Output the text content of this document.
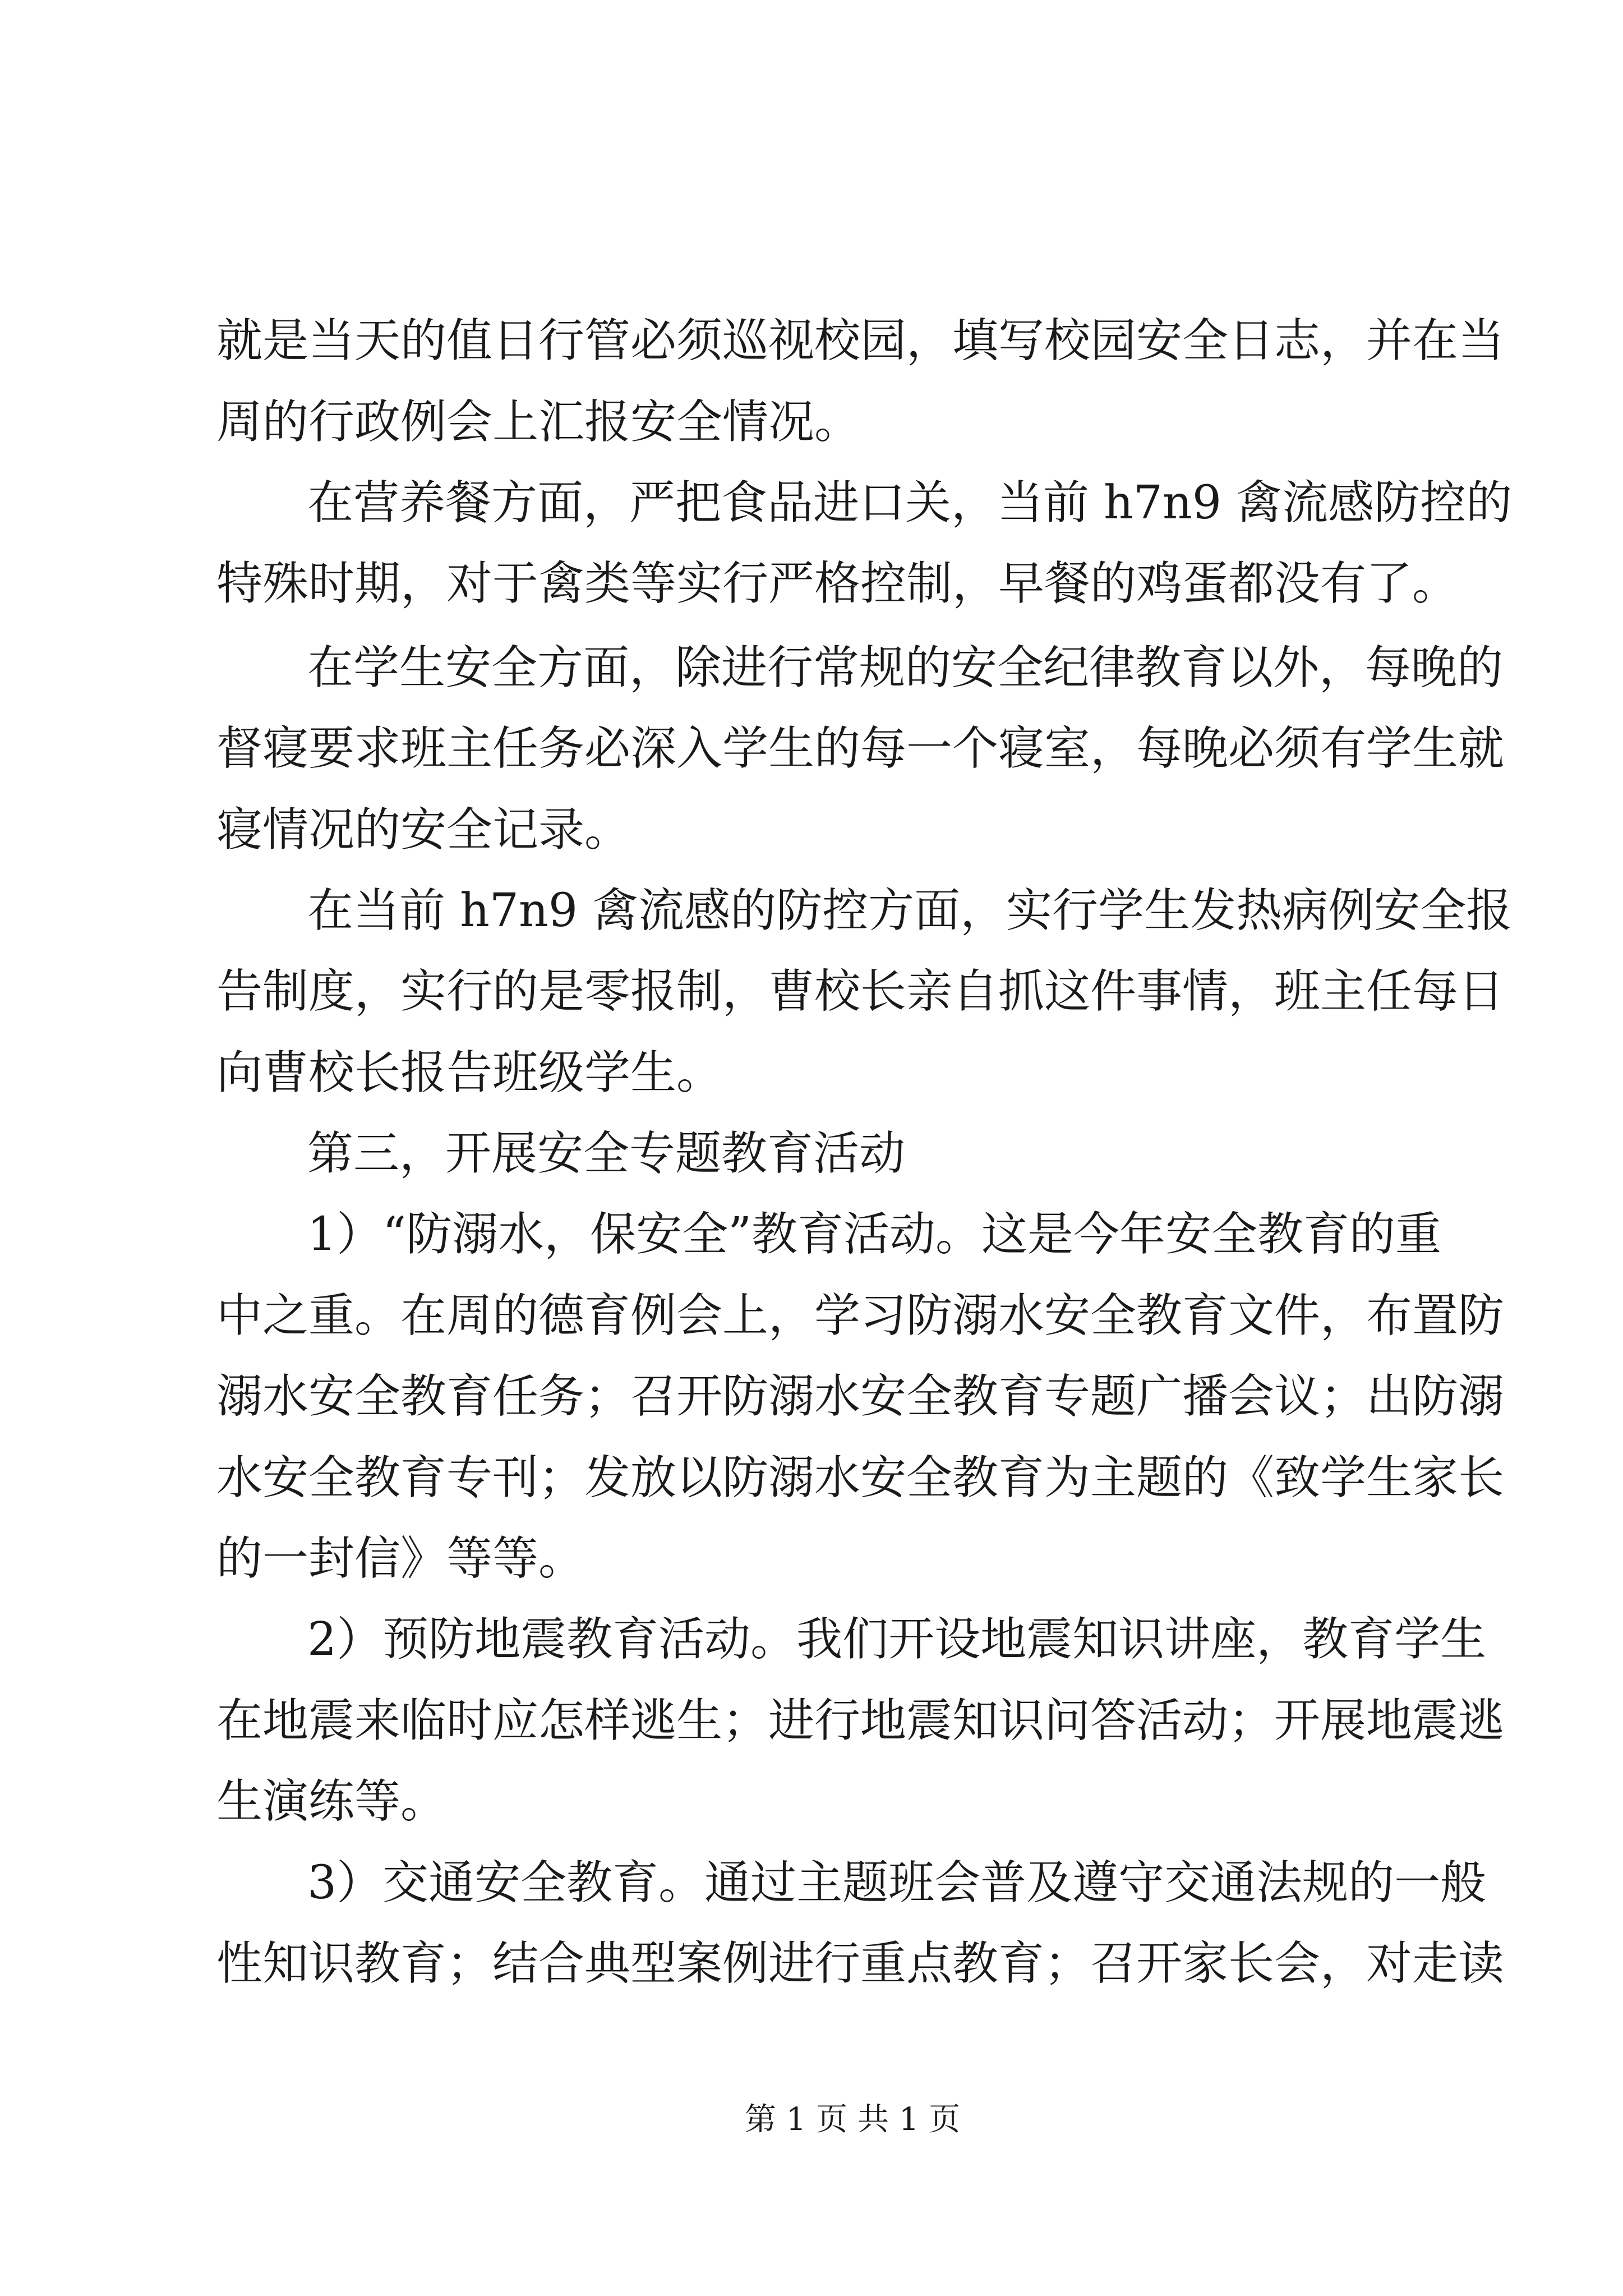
就是当天的值日行管必须巡视校园，填写校园安全日志，并在当
周的行政例会上汇报安全情况。
在营养餐方面，严把食品进口关，当前 h7n9 禽流感防控的
特殊时期，对于禽类等实行严格控制，早餐的鸡蛋都没有了。
在学生安全方面，除进行常规的安全纪律教育以外，每晚的
督寝要求班主任务必深入学生的每一个寝室，每晚必须有学生就
寝情况的安全记录。
在当前 h7n9 禽流感的防控方面，实行学生发热病例安全报
告制度，实行的是零报制，曹校长亲自抓这件事情，班主任每日
向曹校长报告班级学生。
第三，开展安全专题教育活动
1）“防溺水，保安全”教育活动。这是今年安全教育的重
中之重。在周的德育例会上，学习防溺水安全教育文件，布置防
溺水安全教育任务；召开防溺水安全教育专题广播会议；出防溺
水安全教育专刊；发放以防溺水安全教育为主题的《致学生家长
的一封信》等等。
2）预防地震教育活动。我们开设地震知识讲座，教育学生
在地震来临时应怎样逃生；进行地震知识问答活动；开展地震逃
生演练等。
3）交通安全教育。通过主题班会普及遵守交通法规的一般
性知识教育；结合典型案例进行重点教育；召开家长会，对走读
第 1 页 共 1 页
